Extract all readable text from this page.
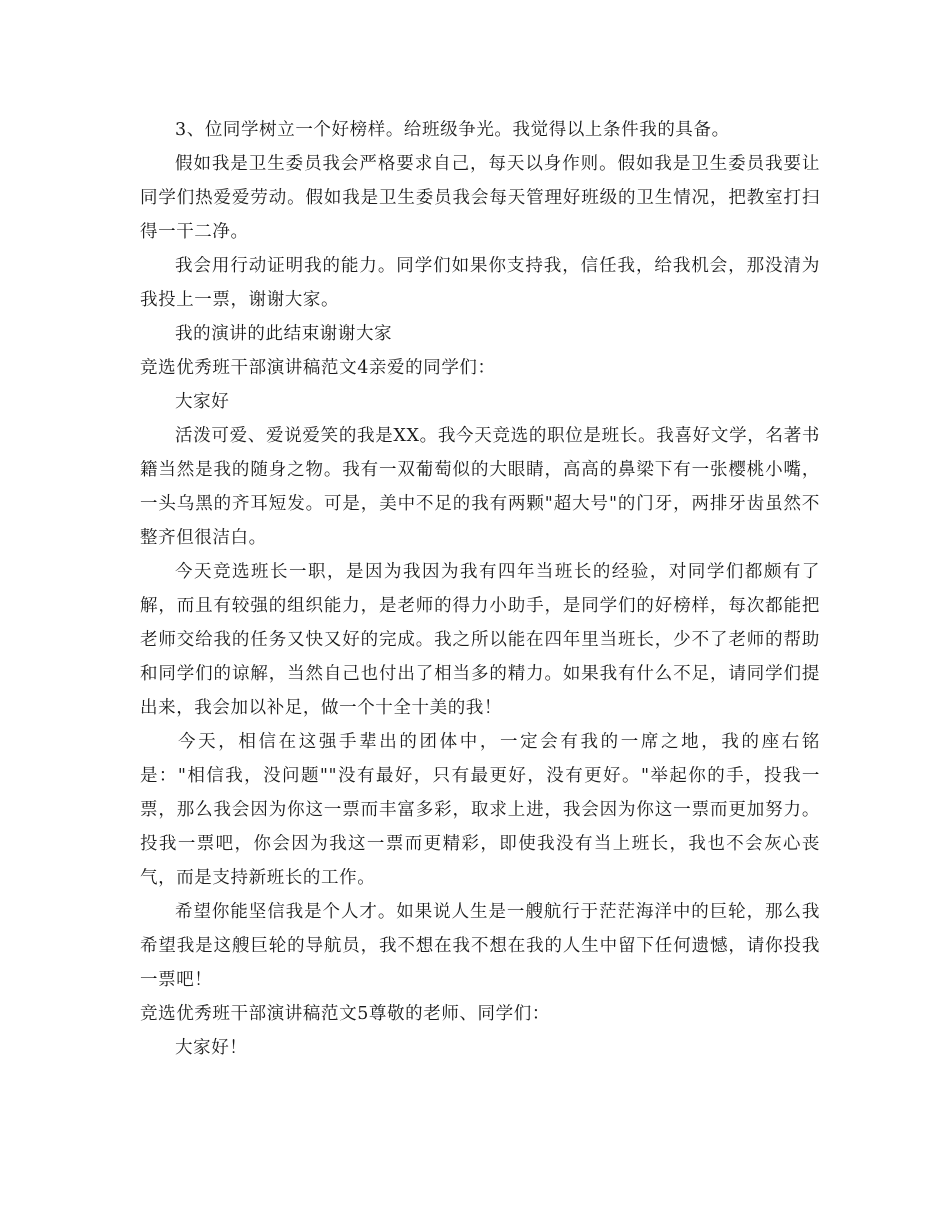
3、位同学树立一个好榜样。给班级争光。我觉得以上条件我的具备。

假如我是卫生委员我会严格要求自己，每天以身作则。假如我是卫生委员我要让同学们热爱爱劳动。假如我是卫生委员我会每天管理好班级的卫生情况，把教室打扫得一干二净。

我会用行动证明我的能力。同学们如果你支持我，信任我，给我机会，那没清为我投上一票，谢谢大家。

我的演讲的此结束谢谢大家

竞选优秀班干部演讲稿范文4亲爱的同学们：

大家好

活泼可爱、爱说爱笑的我是XX。我今天竞选的职位是班长。我喜好文学，名著书籍当然是我的随身之物。我有一双葡萄似的大眼睛，高高的鼻梁下有一张樱桃小嘴，一头乌黑的齐耳短发。可是，美中不足的我有两颗"超大号"的门牙，两排牙齿虽然不整齐但很洁白。

今天竞选班长一职，是因为我因为我有四年当班长的经验，对同学们都颇有了解，而且有较强的组织能力，是老师的得力小助手，是同学们的好榜样，每次都能把老师交给我的任务又快又好的完成。我之所以能在四年里当班长，少不了老师的帮助和同学们的谅解，当然自己也付出了相当多的精力。如果我有什么不足，请同学们提出来，我会加以补足，做一个十全十美的我！

今天，相信在这强手辈出的团体中，一定会有我的一席之地，我的座右铭是："相信我，没问题""没有最好，只有最更好，没有更好。"举起你的手，投我一票，那么我会因为你这一票而丰富多彩，取求上进，我会因为你这一票而更加努力。投我一票吧，你会因为我这一票而更精彩，即使我没有当上班长，我也不会灰心丧气，而是支持新班长的工作。

希望你能坚信我是个人才。如果说人生是一艘航行于茫茫海洋中的巨轮，那么我希望我是这艘巨轮的导航员，我不想在我不想在我的人生中留下任何遗憾，请你投我一票吧！

竞选优秀班干部演讲稿范文5尊敬的老师、同学们：

大家好！
